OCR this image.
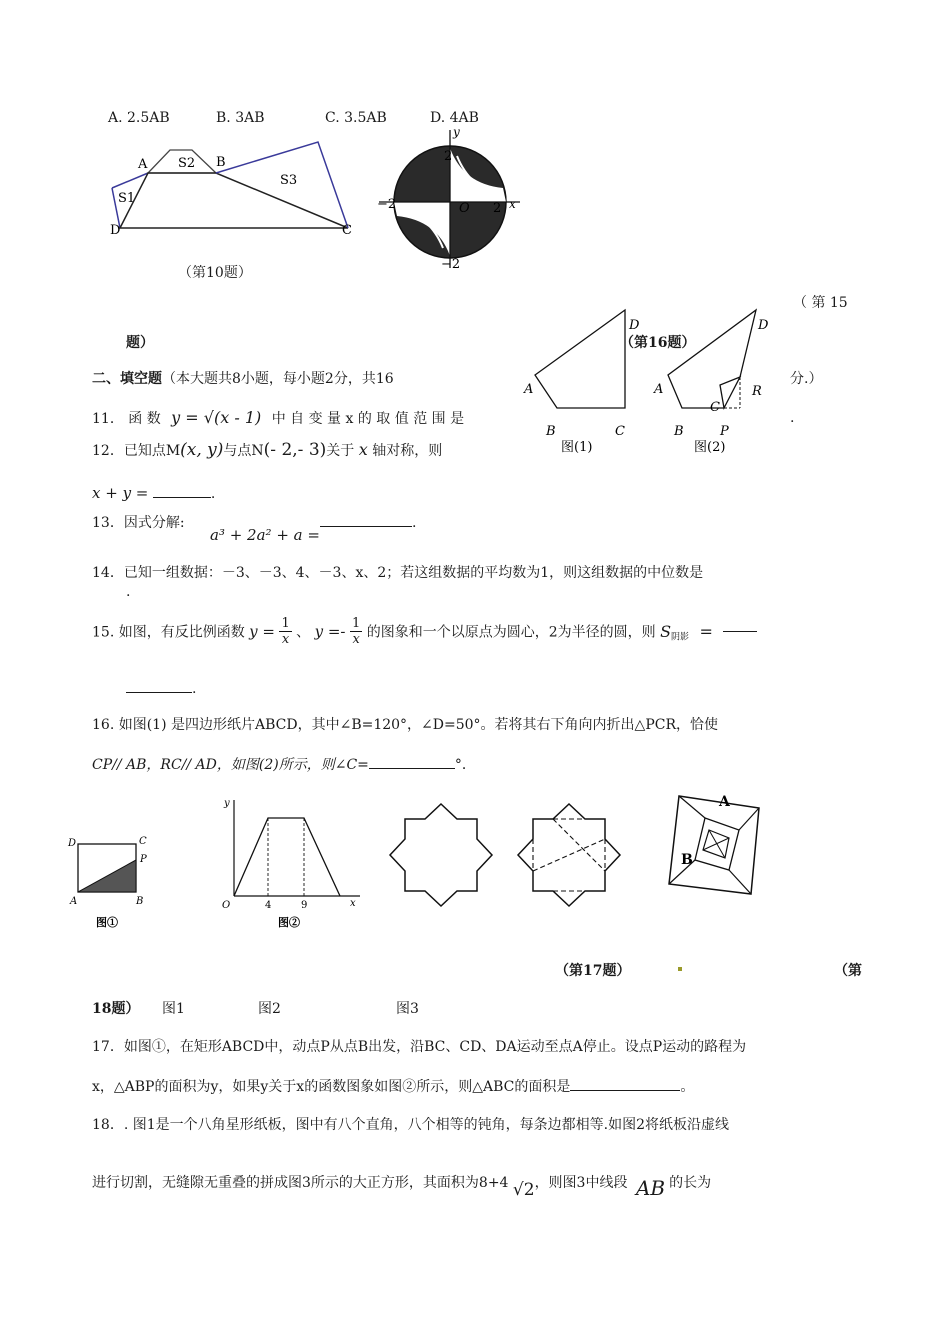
A. 2.5AB	B. 3AB	C. 3.5AB	D. 4AB
A S2 B
S1
S3
D	C
（第10题）
y
2
−2	O 2 x
−2
（ 第 15
题）	（第16题）
D
A
B	C
图(1)
D
A	R
C
B	P
图(2)
二、填空题（本大题共8小题，每小题2分，共16	分.）
11． 函 数 y = √(x - 1) 中 自 变 量 x 的 取 值 范 围 是	.
12．已知点M(x, y)与点N(- 2,- 3)关于 x 轴对称，则
x + y =	.
13．因式分解:
a³ + 2a² + a =
.
14．已知一组数据：－3、－3、4、－3、x、2；若这组数据的平均数为1，则这组数据的中位数是
.
15. 如图，有反比例函数 $y = \frac{1}{x}$ 、 $y =- \frac{1}{x}$ 的图象和一个以原点为圆心，2为半径的圆，则 $S_{阴影}$ =
.
16. 如图(1) 是四边形纸片ABCD，其中∠B=120°，∠D=50°。若将其右下角向内折出△PCR，恰使
CP// AB，RC// AD，如图(2)所示，则∠C=	°．
D	C
P
A	B
图①
y
O	4	9	x
图②
A
B
（第17题）	（第
18题） 图1	图2	图3
17．如图①，在矩形ABCD中，动点P从点B出发，沿BC、CD、DA运动至点A停止。设点P运动的路程为
x，△ABP的面积为y，如果y关于x的函数图象如图②所示，则△ABC的面积是	。
18．. 图1是一个八角星形纸板，图中有八个直角，八个相等的钝角，每条边都相等.如图2将纸板沿虚线
进行切割，无缝隙无重叠的拼成图3所示的大正方形，其面积为8+4 √2，则图3中线段 AB 的长为
